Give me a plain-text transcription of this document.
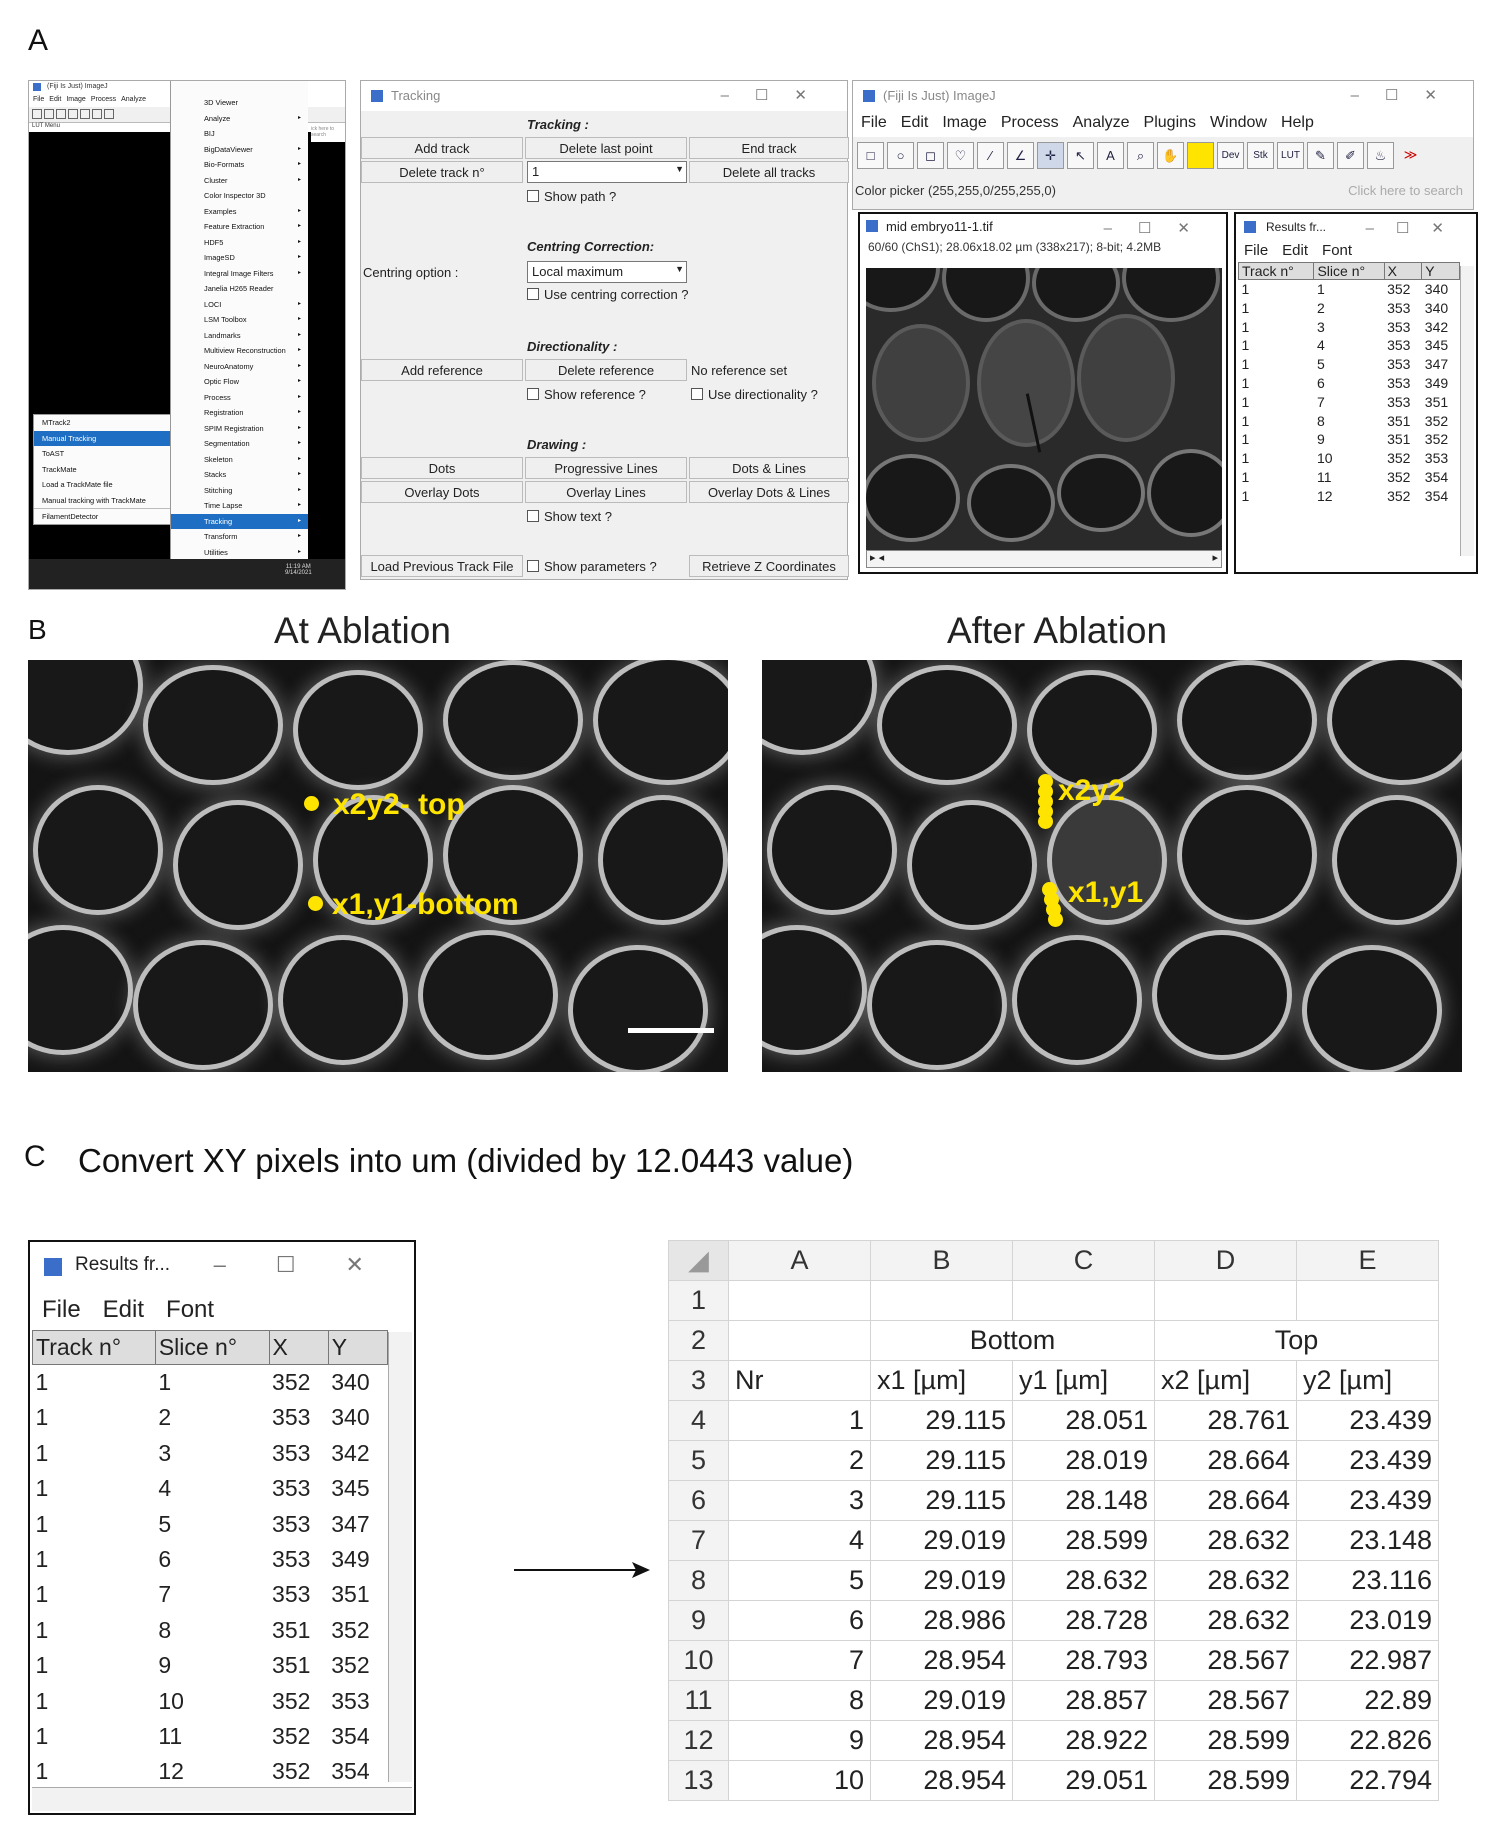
A
B
C Convert XY pixels into um (divided by 12.0443 value)
(Fiji Is Just) ImageJ
File Edit Image Process Analyze
LUT Menu
3D Viewer
Analyze	▸
BIJ
BigDataViewer	▸
Bio-Formats	▸
Cluster	▸
Color Inspector 3D
Examples	▸
Feature Extraction	▸
HDF5	▸
ImageSD	▸
Integral Image Filters	▸
Janelia H265 Reader
LOCI	▸
LSM Toolbox	▸
Landmarks	▸
Multiview Reconstruction ▸
NeuroAnatomy	▸
Optic Flow	▸
Process	▸
Registration	▸
SPIM Registration	▸
Segmentation	▸
Skeleton	▸
Stacks	▸
Stitching	▸
Time Lapse	▸
Tracking	▸
Transform	▸
Utilities	▸
ick here to search
MTrack2
Manual Tracking
ToAST
TrackMate
Load a TrackMate file
Manual tracking with TrackMate
FilamentDetector
11:19 AM
9/14/2021
Tracking	–☐✕
Tracking :
Add track	Delete last point	End track
Delete track n°	1	▼	Delete all tracks
Show path ?
Centring Correction:
Centring option :	Local maximum	▼
Use centring correction ?
Directionality :
Add reference	Delete reference	No reference set
Show reference ?	Use directionality ?
Drawing :
Dots	Progressive Lines	Dots & Lines
Overlay Dots	Overlay Lines	Overlay Dots & Lines
Show text ?
Load Previous Track File	Show parameters ?	Retrieve Z Coordinates
(Fiji Is Just) ImageJ	–☐✕
File Edit Image Process Analyze Plugins Window Help
□	○	◻	♡	∕	∠	✛	↖	A	⌕	✋	Dev	Stk	LUT	✎	✐	♨	≫
Color picker (255,255,0/255,255,0)	Click here to search
mid embryo11-1.tif	–☐✕
60/60 (ChS1); 28.06x18.02 µm (338x217); 8-bit; 4.2MB
▸ ◂	▸
Results fr...	–☐✕
File Edit Font
Track n°	Slice n°	X	Y
1	1	352	340
1	2	353	340
1	3	353	342
1	4	353	345
1	5	353	347
1	6	353	349
1	7	353	351
1	8	351	352
1	9	351	352
1	10	352	353
1	11	352	354
1	12	352	354
At Ablation	After Ablation
x2y2- top
x1,y1-bottom
x2y2
x1,y1
Results fr... –☐✕
File Edit Font
Track n°	Slice n°	X	Y
1	1	352	340
1	2	353	340
1	3	353	342
1	4	353	345
1	5	353	347
1	6	353	349
1	7	353	351
1	8	351	352
1	9	351	352
1	10	352	353
1	11	352	354
1	12	352	354
◢	A	B	C	D	E
1					
2		Bottom		Top	
3	Nr	x1 [µm]	y1 [µm]	x2 [µm]	y2 [µm]
4	1	29.115	28.051	28.761	23.439
5	2	29.115	28.019	28.664	23.439
6	3	29.115	28.148	28.664	23.439
7	4	29.019	28.599	28.632	23.148
8	5	29.019	28.632	28.632	23.116
9	6	28.986	28.728	28.632	23.019
10	7	28.954	28.793	28.567	22.987
11	8	29.019	28.857	28.567	22.89
12	9	28.954	28.922	28.599	22.826
13	10	28.954	29.051	28.599	22.794
